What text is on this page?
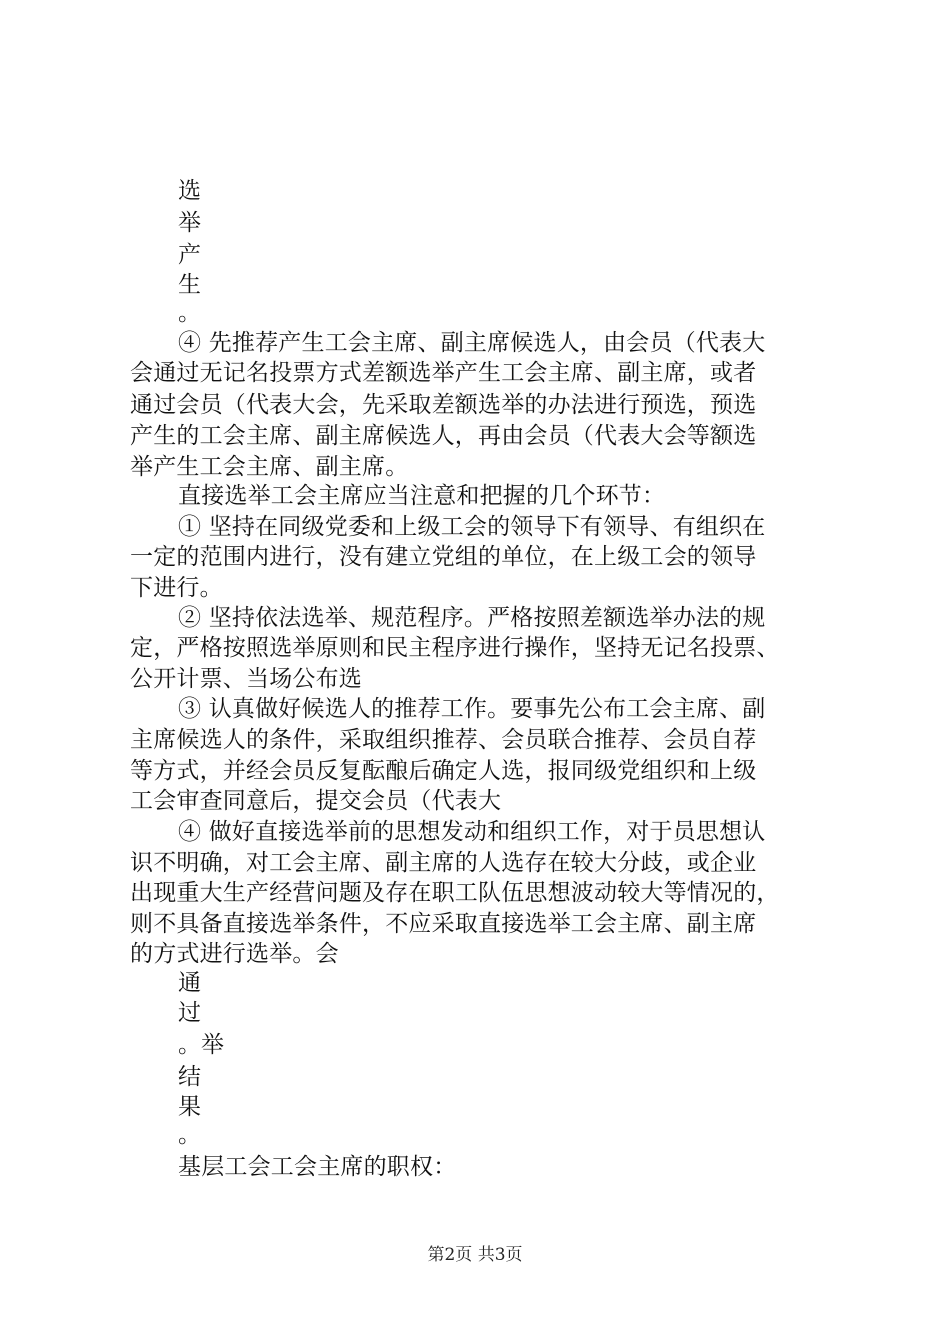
选
举
产
生
。
④ 先推荐产生工会主席、副主席候选人，由会员（代表大
会通过无记名投票方式差额选举产生工会主席、副主席，或者
通过会员（代表大会，先采取差额选举的办法进行预选，预选
产生的工会主席、副主席候选人，再由会员（代表大会等额选
举产生工会主席、副主席。
直接选举工会主席应当注意和把握的几个环节：
① 坚持在同级党委和上级工会的领导下有领导、有组织在
一定的范围内进行，没有建立党组的单位，在上级工会的领导
下进行。
② 坚持依法选举、规范程序。严格按照差额选举办法的规
定，严格按照选举原则和民主程序进行操作，坚持无记名投票、
公开计票、当场公布选
③ 认真做好候选人的推荐工作。要事先公布工会主席、副
主席候选人的条件，采取组织推荐、会员联合推荐、会员自荐
等方式，并经会员反复酝酿后确定人选，报同级党组织和上级
工会审查同意后，提交会员（代表大
④ 做好直接选举前的思想发动和组织工作，对于员思想认
识不明确，对工会主席、副主席的人选存在较大分歧，或企业
出现重大生产经营问题及存在职工队伍思想波动较大等情况的，
则不具备直接选举条件，不应采取直接选举工会主席、副主席
的方式进行选举。会
通
过
。举
结
果
。
基层工会工会主席的职权：
第2页 共3页
